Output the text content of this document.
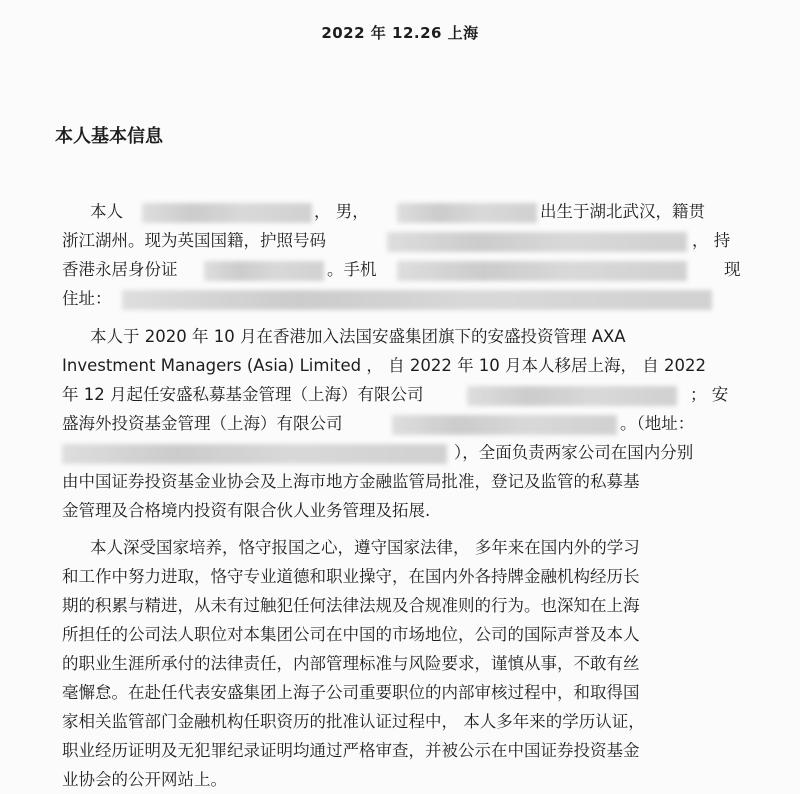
2022 年 12.26 上海
本人基本信息
本人	， 男，	出生于湖北武汉，籍贯
浙江湖州。现为英国国籍，护照号码	， 持
香港永居身份证	。手机	现
住址：
本人于 2020 年 10 月在香港加入法国安盛集团旗下的安盛投资管理 AXA
Investment Managers (Asia) Limited ， 自 2022 年 10 月本人移居上海， 自 2022
年 12 月起任安盛私募基金管理（上海）有限公司	； 安
盛海外投资基金管理（上海）有限公司	。（地址：
），全面负责两家公司在国内分别
由中国证券投资基金业协会及上海市地方金融监管局批准，登记及监管的私募基
金管理及合格境内投资有限合伙人业务管理及拓展.
本人深受国家培养，恪守报国之心，遵守国家法律， 多年来在国内外的学习
和工作中努力进取，恪守专业道德和职业操守，在国内外各持牌金融机构经历长
期的积累与精进，从未有过触犯任何法律法规及合规准则的行为。也深知在上海
所担任的公司法人职位对本集团公司在中国的市场地位，公司的国际声誉及本人
的职业生涯所承付的法律责任，内部管理标准与风险要求，谨慎从事，不敢有丝
毫懈怠。在赴任代表安盛集团上海子公司重要职位的内部审核过程中，和取得国
家相关监管部门金融机构任职资历的批准认证过程中， 本人多年来的学历认证，
职业经历证明及无犯罪纪录证明均通过严格审查，并被公示在中国证券投资基金
业协会的公开网站上。
